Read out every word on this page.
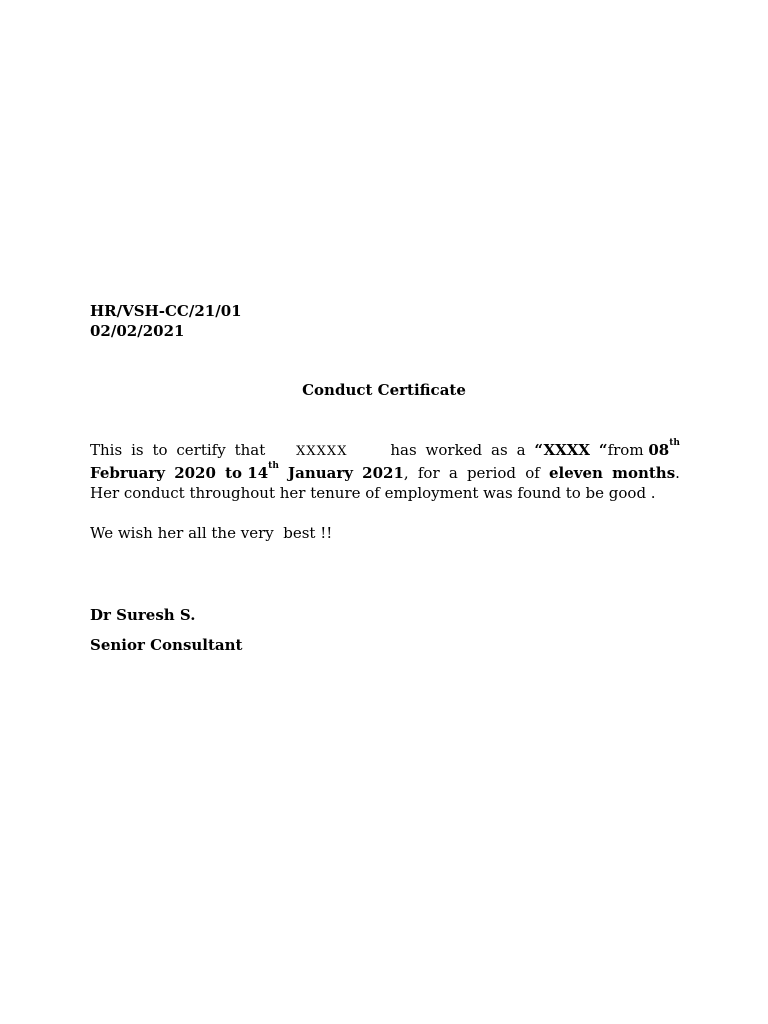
HR/VSH-CC/21/01
02/02/2021
Conduct Certificate
This is to certify that XXXXX	has worked as a “XXXX “from 08th
February 2020 to 14th January 2021, for a period of eleven months.
Her conduct throughout her tenure of employment was found to be good .
We wish her all the very  best !!
Dr Suresh S.
Senior Consultant
